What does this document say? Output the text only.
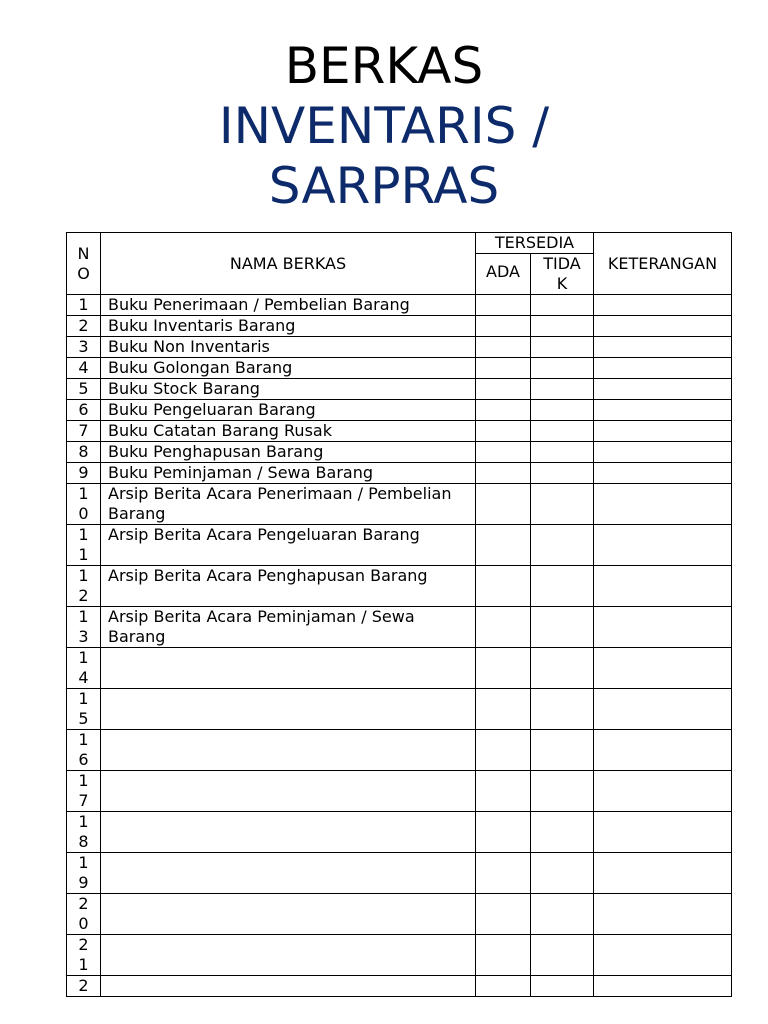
BERKAS
INVENTARIS /
SARPRAS
NO	NAMA BERKAS	TERSEDIA		KETERANGAN
		ADA	TIDAK	
1	Buku Penerimaan / Pembelian Barang			
2	Buku Inventaris Barang			
3	Buku Non Inventaris			
4	Buku Golongan Barang			
5	Buku Stock Barang			
6	Buku Pengeluaran Barang			
7	Buku Catatan Barang Rusak			
8	Buku Penghapusan Barang			
9	Buku Peminjaman / Sewa Barang			
10	Arsip Berita Acara Penerimaan / Pembelian Barang			
11	Arsip Berita Acara Pengeluaran Barang			
12	Arsip Berita Acara Penghapusan Barang			
13	Arsip Berita Acara Peminjaman / Sewa Barang			
14				
15				
16				
17				
18				
19				
20				
21				
2				
